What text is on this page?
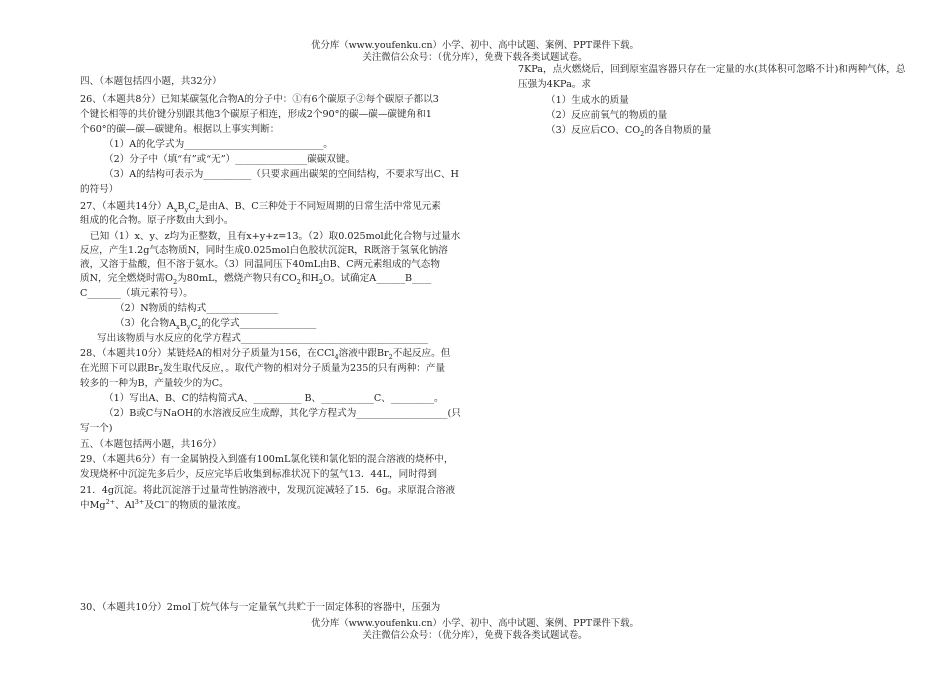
优分库（www.youfenku.cn）小学、初中、高中试题、案例、PPT课件下载。
关注微信公众号：（优分库），免费下载各类试题试卷。
四、（本题包括四小题，共32分）
26、（本题共8分）已知某碳氢化合物A的分子中：①有6个碳原子②每个碳原子都以3
个键长相等的共价键分别跟其他3个碳原子相连，形成2个90°的碳—碳—碳键角和1
个60°的碳—碳—碳键角。根据以上事实判断：
（1）A的化学式为_____________________________。
（2）分子中（填“有”或“无”）_______________碳碳双键。
（3）A的结构可表示为__________（只要求画出碳架的空间结构，不要求写出C、H
的符号）
27、（本题共14分）$A_xB_yC_z$是由A、B、C三种处于不同短周期的日常生活中常见元素
组成的化合物。原子序数由大到小。
已知（1）x、y、z均为正整数，且有x+y+z=13。（2）取0.025mol此化合物与过量水
反应，产生1.2g气态物质N，同时生成0.025mol白色胶状沉淀R，R既溶于氢氧化钠溶
液，又溶于盐酸，但不溶于氨水。（3）同温同压下40mL由B、C两元素组成的气态物
质N，完全燃烧时需$O_2$为80mL，燃烧产物只有$CO_2$和$H_2O$。试确定A______B____
C_______（填元素符号）。
（2）N物质的结构式_______________
（3）化合物$A_xB_yC_z$的化学式________________
写出该物质与水反应的化学方程式_______________________________________
28、（本题共10分）某链烃A的相对分子质量为156，在CCl$_4$溶液中跟$Br_2$不起反应。但
在光照下可以跟$Br_2$发生取代反应，。取代产物的相对分子质量为235的只有两种：产量
较多的一种为B，产量较少的为C。
（1）写出A、B、C的结构简式A、__________ B、___________C、_________。
（2）B或C与NaOH的水溶液反应生成醇，其化学方程式为___________________(只
写一个)
五、（本题包括两小题，共16分）
29、（本题共6分）有一金属钠投入到盛有100mL氯化镁和氯化铝的混合溶液的烧杯中，
发现烧杯中沉淀先多后少，反应完毕后收集到标准状况下的氢气13．44L，同时得到
21．4g沉淀。将此沉淀溶于过量苛性钠溶液中，发现沉淀减轻了15．6g。求原混合溶液
中$Mg^{2+}$、$Al^{3+}$及Cl−的物质的量浓度。
30、（本题共10分）2mol丁烷气体与一定量氧气共贮于一固定体积的容器中，压强为
7KPa，点火燃烧后，回到原室温容器只存在一定量的水(其体积可忽略不计)和两种气体，总
压强为4KPa。求
（1）生成水的质量
（2）反应前氧气的物质的量
（3）反应后CO、$CO_2$的各自物质的量
优分库（www.youfenku.cn）小学、初中、高中试题、案例、PPT课件下载。
关注微信公众号：（优分库），免费下载各类试题试卷。
